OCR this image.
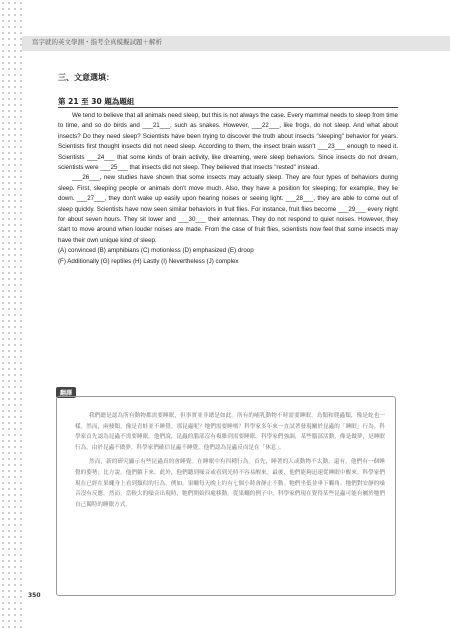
寫字就的英文學測・指考全真模擬試題＋解析
三、文意選填：
第 21 至 30 題為題組

We tend to believe that all animals need sleep, but this is not always the case. Every mammal needs to sleep from time to time, and so do birds and ___21___, such as snakes. However, ___22___, like frogs, do not sleep. And what about insects? Do they need sleep? Scientists have been trying to discover the truth about insects "sleeping" behavior for years. Scientists first thought insects did not need sleep. According to them, the insect brain wasn't ___23___ enough to need it. Scientists ___24___ that some kinds of brain activity, like dreaming, were sleep behaviors. Since insects do not dream, scientists were ___25___ that insects did not sleep. They believed that insects "rested" instead.

___26___, new studies have shown that some insects may actually sleep. They are four types of behaviors during sleep. First, sleeping people or animals don't move much. Also, they have a position for sleeping; for example, they lie down. ___27___, they don't wake up easily upon hearing noises or seeing light. ___28___, they are able to come out of sleep quickly. Scientists have now seen similar behaviors in fruit flies. For instance, fruit flies become ___29___ every night for about seven hours. They sit lower and ___30___ their antennas. They do not respond to quiet noises. However, they start to move around when louder noises are made. From the case of fruit flies, scientists now feel that some insects may have their own unique kind of sleep.

(A) convinced (B) amphibians (C) motionless (D) emphasized (E) droop

(F) Additionally (G) reptiles (H) Lastly (I) Nevertheless (J) complex

翻譯

我們總是認為所有動物都需要睡眠，但事實並非總是如此。所有的哺乳動物不時需要睡眠，鳥類和爬蟲類，像是蛇也一樣。然而，兩棲類，像是青蛙並不睡覺。那昆蟲呢？牠們需要睡嗎？科學家多年來一直試著發現關於昆蟲的「睡眠」行為。科學家首先認為昆蟲不需要睡眠。他們說，昆蟲的腦部沒有複雜到需要睡眠。科學家們強調，某些腦部活動，像是做夢，是睡眠行為。由於昆蟲不做夢，科學家們確信昆蟲不睡覺。他們認為昆蟲反而是在「休息」。

然而，新的研究顯示有些昆蟲真的會睡覺。在睡眠中有四種行為。首先，睡著的人或動物不太動。還有，他們有一個睡覺的姿勢；比方說，他們躺下來。此外，他們聽到噪音或看到光時不容易醒來。最後，他們能夠迅速從睡眠中醒來。科學家們現在已經在果蠅身上看到類似的行為。例如，果蠅每天晚上約有七個小時會靜止不動。牠們坐低並垂下觸角。牠們對安靜的噪音沒有反應。然而，當較大的噪音出現時，牠們開始四處移動。從果蠅的例子中，科學家們現在覺得某些昆蟲可能有屬於牠們自己獨特的睡眠方式。

350
